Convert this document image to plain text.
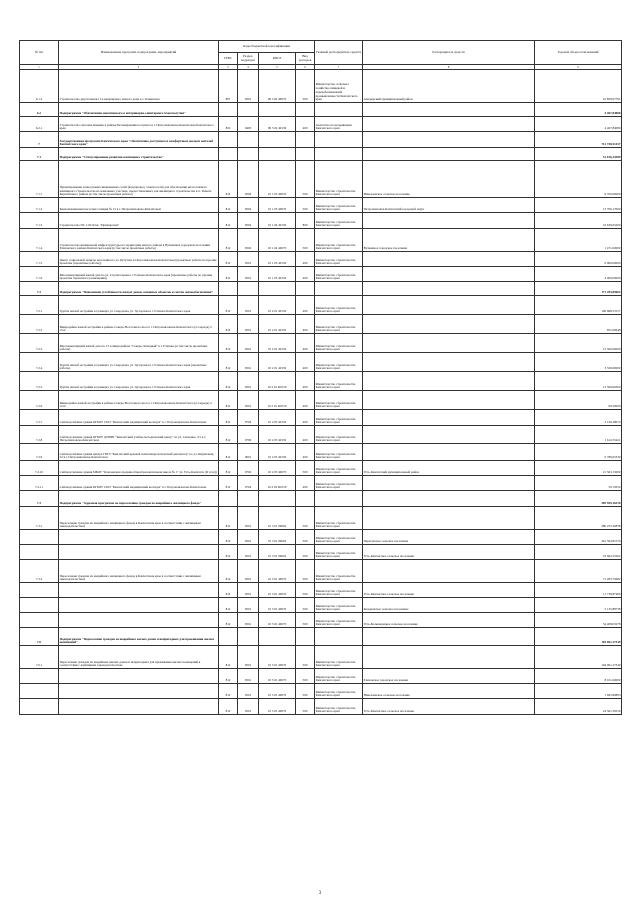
№ п/п	Наименование программ, подпрограмм, мероприятий	Коды бюджетной классификации				Главный распорядитель средств	Распорядитель средств	Годовой объем ассигнований
		ГРБС	Раздел, подраздел	КЦСР	Вид расходов			
1	2	3	4	5	6	7	8	9
6.1.2	Строительство двухэтажного 12-квартирного жилого дома в с. Каменское	807	0501	09 5 02 40070	500	Министерство сельского хозяйства, пищевой и перерабатывающей промышленности Камчатского края	Анадырский муниципальный район	16 858,97791
6.2	Подпрограмма "Обеспечение акватинского в ветеринарно-санитарного благополучия"							4 467,84080
6.2.1	Строительство скотомогильника в районе Бетонированного пункта в г. Петропавловске-Камчатском Камчатского края	822	0405	09 5 02 40130	400	Агентство по ветеринарии Камчатского края		4 467,84080
7	Государственная программа Камчатского края "Обеспечение доступным и комфортным жильем жителей Камчатского края"							712 748,51437
7.1	Подпрограмма "Стимулирование развития жилищного строительства"							51 816,33389
7.1.1	Проектирование и ввод новых инженерных сетей (водопровод, электросети) для обеспечения малоэтажного жилищного строительства на земельных участках, предоставленных для жилищного строительства в п. Тымлат Карагинского района (в том числе проектные работы)	812	0502	10 1 03 40070	500	Министерство строительства Камчатского края	Николаевское сельское поселение	9 700,00000
7.1.2	Канализационная насосная станция № 15 в г. Петропавловске-Камчатском	812	0502	10 1 03 40070	500	Министерство строительства Камчатского края	Петропавловск-Камчатский городской округ	13 706,17000
7.1.3	Строительство ПС 110/10 кв. "Приморская"	812	0502	10 1 04 40150	800	Министерство строительства Камчатского края		16 639,05200
7.1.4	Строительство инженерной инфраструктуры на территории жилого района в Вулканном городском поселении Елизовского района Камчатского края (в том числе проектные работы)	812	0502	10 1 04 40070	500	Министерство строительства Камчатского края	Вулканное городское поселение	1 471,00000
7.1.5	Центр социальной защиты населения по ул. Кутузова в Петропавловске-Камчатском (проектные работы по прочим проектам (проектные работы))	812	0501	10 1 05 40150	400	Министерство строительства Камчатского края		6 000,00000
7.1.6	Многоквартирный жилой дом по ул. Строительная в г. Елизово Камчатского края (проектные работы по прочим проектам проектного размещения)	812	0501	10 1 05 40150	400	Министерство строительства Камчатского края		4 000,00000
7.2	Подпрограмма "Повышение устойчивости жилых домов, основных объектов и систем жизнеобеспечения"							171 283,89602
7.2.1	Группа жилой застройки в границах ул. Свердлова, ул. Хуторская в г. Елизово Камчатского края	812	0501	10 2 01 40150	400	Министерство строительства Камчатского края		106 688,53157
7.2.2	Микрорайон жилой застройки в районе Северо-Восточного шоссе г. Петропавловска-Камчатского (2 очередь) 2 этап	812	0501	10 2 01 40150	400	Министерство строительства Камчатского края		951,09648
7.2.3	Многоквартирный жилой дом по. 15 в микрорайоне "Северо-Западный" в г. Елизово (в том числе проектные работы)	812	0501	10 2 01 40150	400	Министерство строительства Камчатского края		15 500,00000
7.2.4	Группа жилой застройки в границах ул. Свердлова, ул. Хуторская в г. Елизово Камчатского края (проектные работы)	812	0501	10 2 01 40150	400	Министерство строительства Камчатского края		3 330,00000
7.2.5	Группа жилой застройки в границах ул. Свердлова, ул. Хуторская в г. Елизово Камчатского края	812	0501	10 2 01 R0150	400	Министерство строительства Камчатского края		12 569,96300
7.2.6	Микрорайон жилой застройки в районе Северо-Восточного шоссе г. Петропавловска-Камчатского (2 очередь) 2 этап	812	0501	10 2 01 R0150	400	Министерство строительства Камчатского края		99,50000
7.2.7	Сейсмоусиление здания КГБОУ СПО "Камчатский медицинский колледж" в г. Петропавловске-Камчатском	812	0704	10 2 03 40150	400	Министерство строительства Камчатского края		2 126,28072
7.2.8	Сейсмоусиление здания КГБОУ ДОВРК "Камчатский учебно-методический центр" по ул. Савченко, 3/1 в г. Петропавловске-Камчатском	812	0709	10 2 03 40150	400	Министерство строительства Камчатского края		1 612,55421
7.2.9	Сейсмоусиление здания центра ГБУЗ "Камчатский краевой психоневрологический диспансер" по ул. Кирпичная, 22 в г. Петропавловске-Камчатском	812	0901	10 2 03 40150	400	Министерство строительства Камчатского края		6 789,05330
7.2.10	Сейсмоусиление здания МБОУ "Ключевская средняя общеобразовательная школа № 1" (п. Усть-Камчатск (II этап))	812	0702	10 2 03 40070	500	Министерство строительства Камчатского края	Усть-Камчатский муниципальный район	21 563,15000
7.2.11	Сейсмоусиление здания КГБОУ СПО "Камчатский медицинский колледж" в г. Петропавловске-Камчатском	812	0704	10 2 03 R0150	400	Министерство строительства Камчатского края		50,15054
7.3	Подпрограмма "Адресная программа по переселению граждан из аварийного жилищного фонда"							385 599,16318
7.3.1	Переселение граждан из аварийного жилищного фонда в Камчатском крае в соответствии с жилищным законодательством	812	0501	10 3 01 09602	500	Министерство строительства Камчатского края		280 255,36838
		812	0501	10 3 01 09602	500	Министерство строительства Камчатского края	Паратунское сельское поселение	261 592,81576
		812	0501	10 3 01 09602	500	Министерство строительства Камчатского края	Усть-Камчатское сельское поселение	18 662,55262
7.3.2	Переселение граждан из аварийного жилищного фонда в Камчатском крае в соответствии с жилищным законодательством	812	0501	10 3 01 40070	500	Министерство строительства Камчатского края		71 283,79482
		812	0501	10 3 01 40070	500	Министерство строительства Камчатского края	Усть-Камчатское сельское поселение	11 739,87406
		812	0501	10 3 01 40070	500	Министерство строительства Камчатского края	Козыревское сельское поселение	5 135,88738
		812	0501	10 3 01 40070	500	Министерство строительства Камчатского края	Усть-Большерецкое сельское поселение	54 408,03278
7.6	Подпрограмма "Переселение граждан из аварийных жилых домов и непригодных для проживания жилых помещений"							104 061,27349
7.6.1	Переселение граждан из аварийных жилых домов и непригодных для проживания жилых помещений в соответствии с жилищным законодательством	812	0501	10 5 01 40070	500	Министерство строительства Камчатского края		104 061,27349
		812	0501	10 5 01 40070	500	Министерство строительства Камчатского края	Елизовское городское поселение	8 101,60000
		812	0501	10 5 01 40070	500	Министерство строительства Камчатского края	Николаевское сельское поселение	1 695,80893
		812	0501	10 5 01 40070	500	Министерство строительства Камчатского края	Усть-Камчатское сельское поселение	24 561,39316
3
